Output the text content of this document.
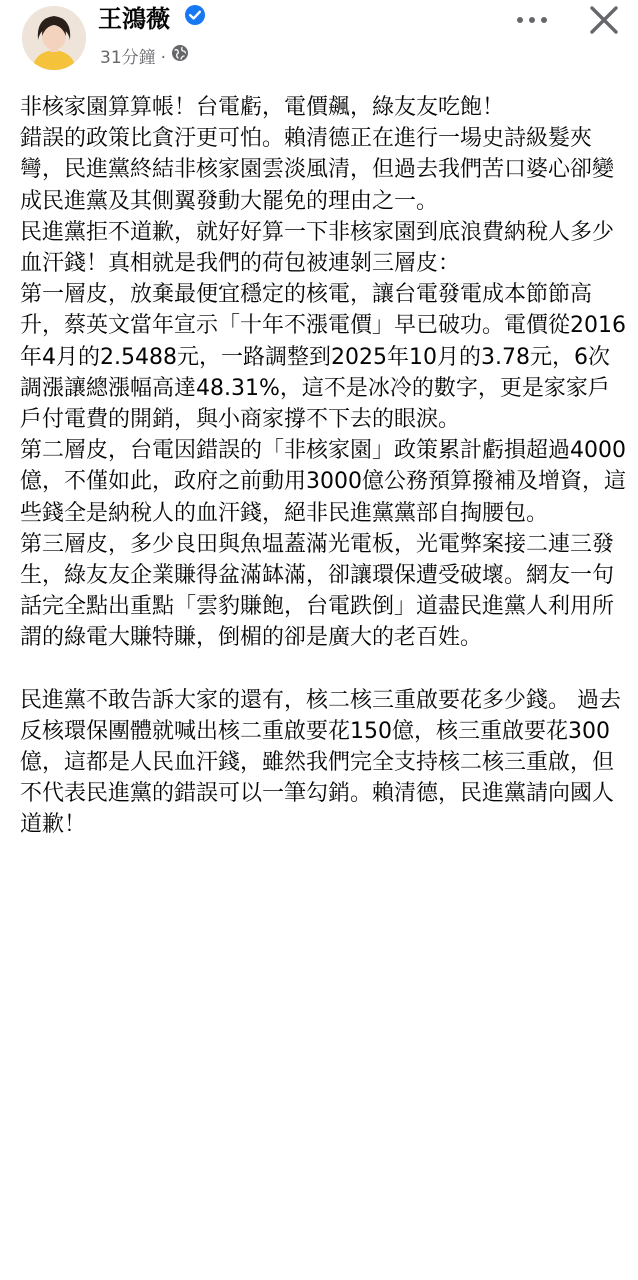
王鴻薇
31分鐘 ·

非核家園算算帳！台電虧，電價飆，綠友友吃飽！

錯誤的政策比貪汙更可怕。賴清德正在進行一場史詩級髮夾彎，民進黨終結非核家園雲淡風清，但過去我們苦口婆心卻變成民進黨及其側翼發動大罷免的理由之一。

民進黨拒不道歉，就好好算一下非核家園到底浪費納稅人多少血汗錢！真相就是我們的荷包被連剝三層皮：

第一層皮，放棄最便宜穩定的核電，讓台電發電成本節節高升，蔡英文當年宣示「十年不漲電價」早已破功。電價從2016年4月的2.5488元，一路調整到2025年10月的3.78元，6次調漲讓總漲幅高達48.31%，這不是冰冷的數字，更是家家戶戶付電費的開銷，與小商家撐不下去的眼淚。

第二層皮，台電因錯誤的「非核家園」政策累計虧損超過4000億，不僅如此，政府之前動用3000億公務預算撥補及增資，這些錢全是納稅人的血汗錢，絕非民進黨黨部自掏腰包。

第三層皮，多少良田與魚塭蓋滿光電板，光電弊案接二連三發生，綠友友企業賺得盆滿缽滿，卻讓環保遭受破壞。網友一句話完全點出重點「雲豹賺飽，台電跌倒」道盡民進黨人利用所謂的綠電大賺特賺，倒楣的卻是廣大的老百姓。

民進黨不敢告訴大家的還有，核二核三重啟要花多少錢。 過去反核環保團體就喊出核二重啟要花150億，核三重啟要花300億，這都是人民血汗錢，雖然我們完全支持核二核三重啟，但不代表民進黨的錯誤可以一筆勾銷。賴清德，民進黨請向國人道歉！
